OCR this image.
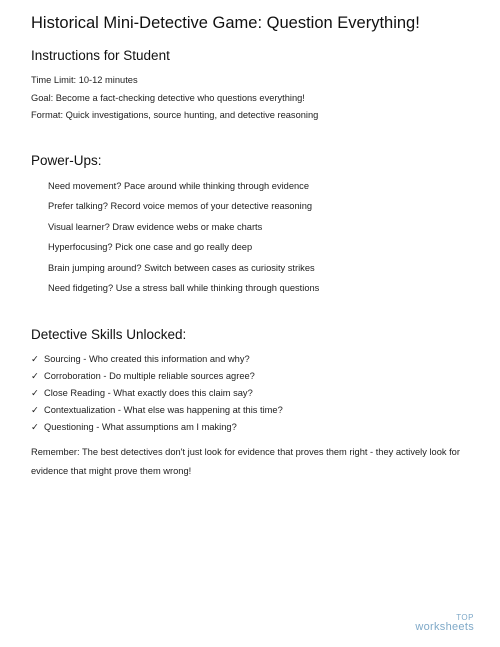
Historical Mini-Detective Game: Question Everything!
Instructions for Student

Time Limit: 10-12 minutes

Goal: Become a fact-checking detective who questions everything!

Format: Quick investigations, source hunting, and detective reasoning

Power-Ups:

Need movement? Pace around while thinking through evidence

Prefer talking? Record voice memos of your detective reasoning

Visual learner? Draw evidence webs or make charts

Hyperfocusing? Pick one case and go really deep

Brain jumping around? Switch between cases as curiosity strikes

Need fidgeting? Use a stress ball while thinking through questions

Detective Skills Unlocked:

✓ Sourcing - Who created this information and why?

✓ Corroboration - Do multiple reliable sources agree?

✓ Close Reading - What exactly does this claim say?

✓ Contextualization - What else was happening at this time?

✓ Questioning - What assumptions am I making?

Remember: The best detectives don't just look for evidence that proves them right - they actively look for evidence that might prove them wrong!

TOP
worksheets
